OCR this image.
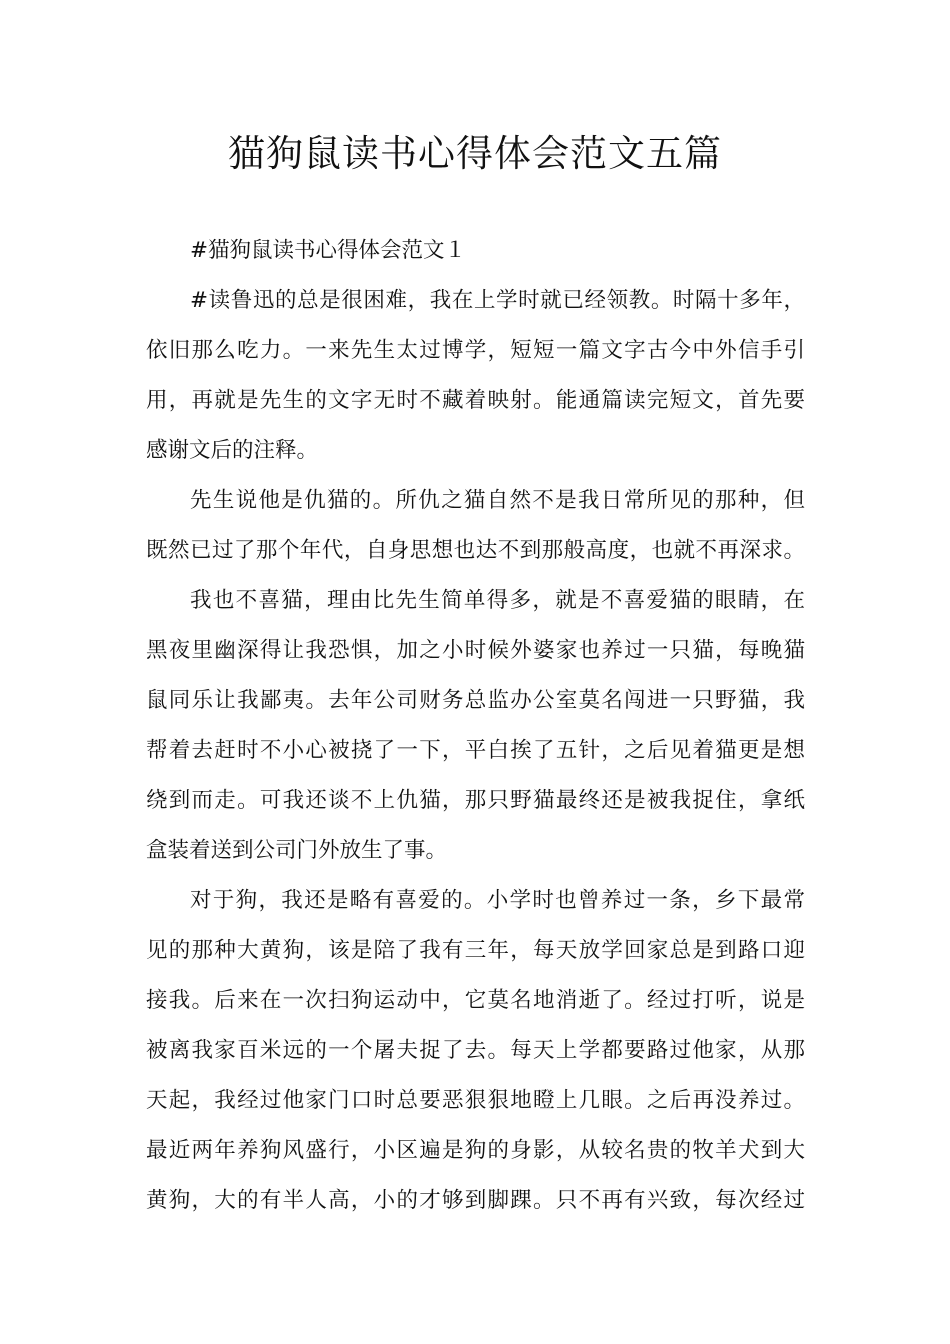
猫狗鼠读书心得体会范文五篇
#猫狗鼠读书心得体会范文１
#读鲁迅的总是很困难，我在上学时就已经领教。时隔十多年，
依旧那么吃力。一来先生太过博学，短短一篇文字古今中外信手引
用，再就是先生的文字无时不藏着映射。能通篇读完短文，首先要
感谢文后的注释。
先生说他是仇猫的。所仇之猫自然不是我日常所见的那种，但
既然已过了那个年代，自身思想也达不到那般高度，也就不再深求。
我也不喜猫，理由比先生简单得多，就是不喜爱猫的眼睛，在
黑夜里幽深得让我恐惧，加之小时候外婆家也养过一只猫，每晚猫
鼠同乐让我鄙夷。去年公司财务总监办公室莫名闯进一只野猫，我
帮着去赶时不小心被挠了一下，平白挨了五针，之后见着猫更是想
绕到而走。可我还谈不上仇猫，那只野猫最终还是被我捉住，拿纸
盒装着送到公司门外放生了事。
对于狗，我还是略有喜爱的。小学时也曾养过一条，乡下最常
见的那种大黄狗，该是陪了我有三年，每天放学回家总是到路口迎
接我。后来在一次扫狗运动中，它莫名地消逝了。经过打听，说是
被离我家百米远的一个屠夫捉了去。每天上学都要路过他家，从那
天起，我经过他家门口时总要恶狠狠地瞪上几眼。之后再没养过。
最近两年养狗风盛行，小区遍是狗的身影，从较名贵的牧羊犬到大
黄狗，大的有半人高，小的才够到脚踝。只不再有兴致，每次经过
